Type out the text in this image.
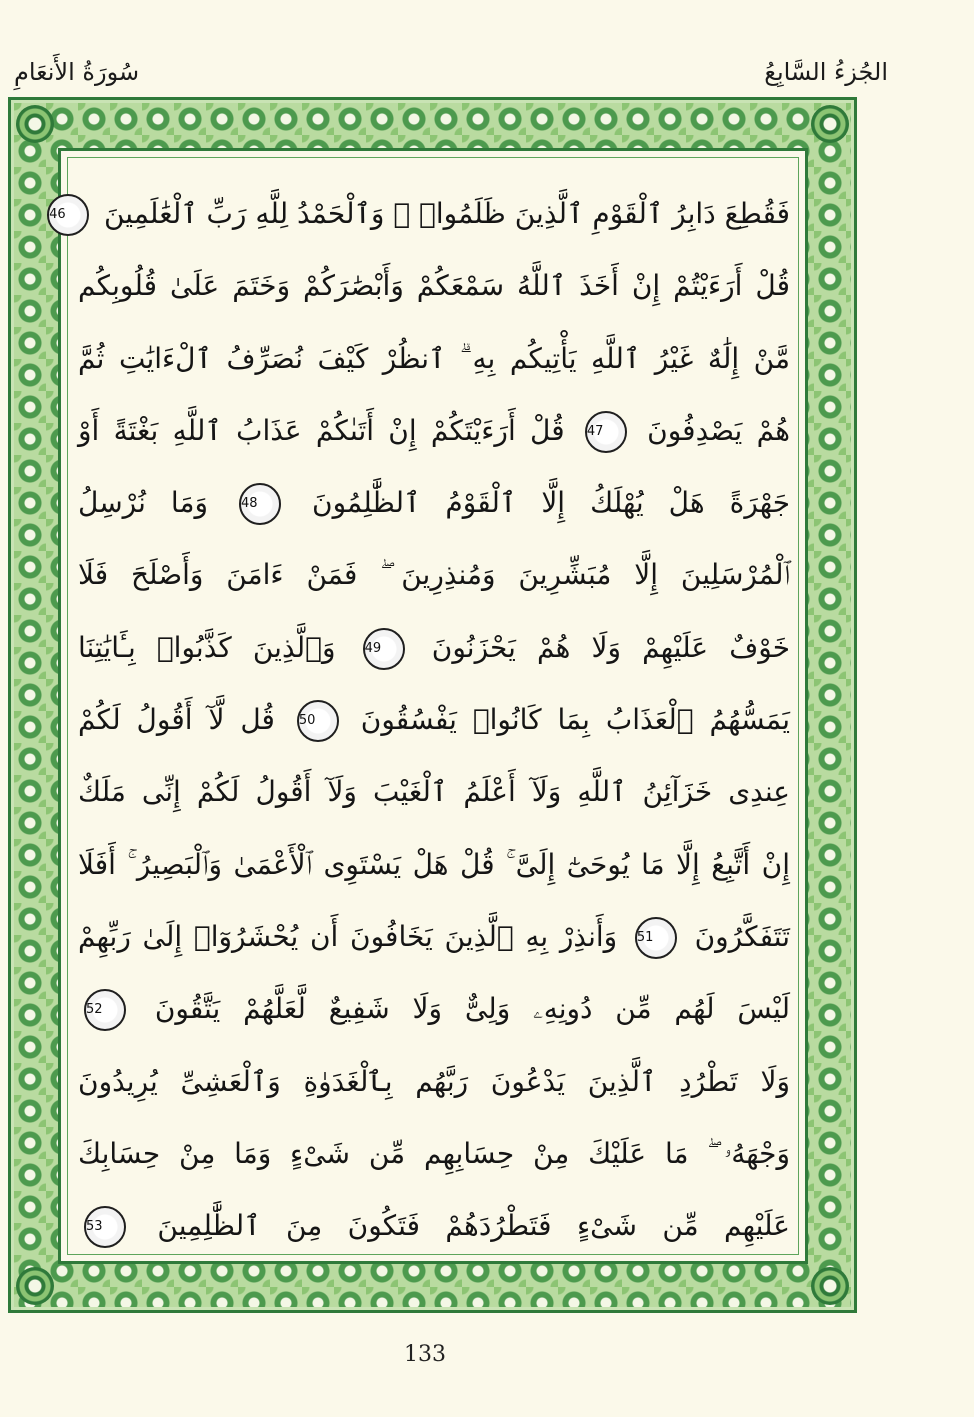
سُورَةُ الأَنعَامِ	الجُزءُ السَّابِعُ
فَقُطِعَ دَابِرُ ٱلْقَوْمِ ٱلَّذِينَ ظَلَمُوا۟ ۚ وَٱلْحَمْدُ لِلَّهِ رَبِّ ٱلْعَٰلَمِينَ 46
قُلْ أَرَءَيْتُمْ إِنْ أَخَذَ ٱللَّهُ سَمْعَكُمْ وَأَبْصَٰرَكُمْ وَخَتَمَ عَلَىٰ قُلُوبِكُم
مَّنْ إِلَٰهٌ غَيْرُ ٱللَّهِ يَأْتِيكُم بِهِ ۗ ٱنظُرْ كَيْفَ نُصَرِّفُ ٱلْءَايَٰتِ ثُمَّ
هُمْ يَصْدِفُونَ 47 قُلْ أَرَءَيْتَكُمْ إِنْ أَتَىٰكُمْ عَذَابُ ٱللَّهِ بَغْتَةً أَوْ
جَهْرَةً هَلْ يُهْلَكُ إِلَّا ٱلْقَوْمُ ٱلظَّٰلِمُونَ 48 وَمَا نُرْسِلُ
ٱلْمُرْسَلِينَ إِلَّا مُبَشِّرِينَ وَمُنذِرِينَ ۖ فَمَنْ ءَامَنَ وَأَصْلَحَ فَلَا
خَوْفٌ عَلَيْهِمْ وَلَا هُمْ يَحْزَنُونَ 49 وَٱلَّذِينَ كَذَّبُوا۟ بِـَٔايَٰتِنَا
يَمَسُّهُمُ ٱلْعَذَابُ بِمَا كَانُوا۟ يَفْسُقُونَ 50 قُل لَّآ أَقُولُ لَكُمْ
عِندِى خَزَآئِنُ ٱللَّهِ وَلَآ أَعْلَمُ ٱلْغَيْبَ وَلَآ أَقُولُ لَكُمْ إِنِّى مَلَكٌ
إِنْ أَتَّبِعُ إِلَّا مَا يُوحَىٰٓ إِلَىَّ ۚ قُلْ هَلْ يَسْتَوِى ٱلْأَعْمَىٰ وَٱلْبَصِيرُ ۚ أَفَلَا
تَتَفَكَّرُونَ 51 وَأَنذِرْ بِهِ ٱلَّذِينَ يَخَافُونَ أَن يُحْشَرُوٓا۟ إِلَىٰ رَبِّهِمْ
لَيْسَ لَهُم مِّن دُونِهِۦ وَلِىٌّ وَلَا شَفِيعٌ لَّعَلَّهُمْ يَتَّقُونَ 52
وَلَا تَطْرُدِ ٱلَّذِينَ يَدْعُونَ رَبَّهُم بِٱلْغَدَوٰةِ وَٱلْعَشِىِّ يُرِيدُونَ
وَجْهَهُۥ ۖ مَا عَلَيْكَ مِنْ حِسَابِهِم مِّن شَىْءٍ وَمَا مِنْ حِسَابِكَ
عَلَيْهِم مِّن شَىْءٍ فَتَطْرُدَهُمْ فَتَكُونَ مِنَ ٱلظَّٰلِمِينَ 53
133
